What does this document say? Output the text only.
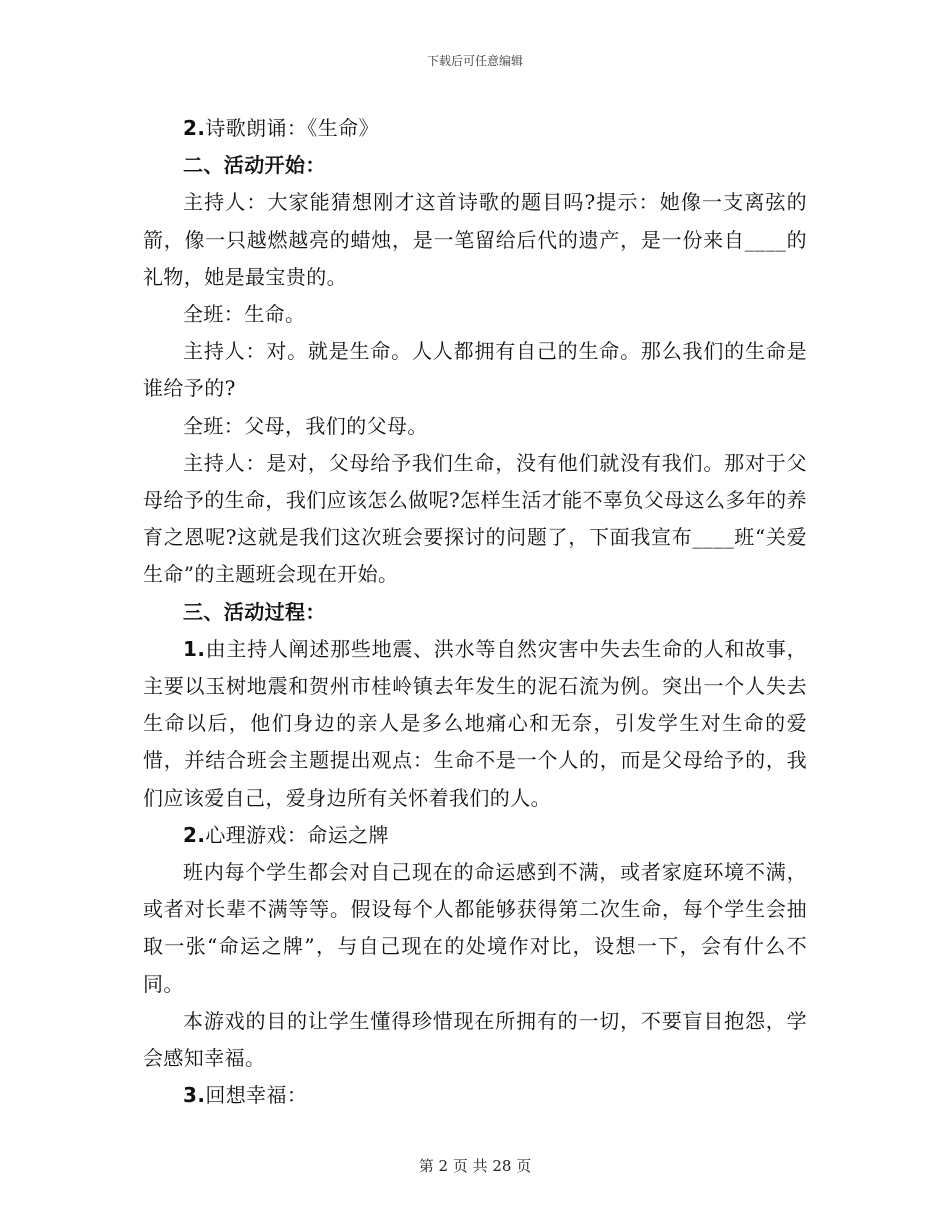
下载后可任意编辑

2.诗歌朗诵：《生命》

二、活动开始：

主持人：大家能猜想刚才这首诗歌的题目吗?提示：她像一支离弦的箭，像一只越燃越亮的蜡烛，是一笔留给后代的遗产，是一份来自____的礼物，她是最宝贵的。

全班：生命。

主持人：对。就是生命。人人都拥有自己的生命。那么我们的生命是谁给予的?

全班：父母，我们的父母。

主持人：是对，父母给予我们生命，没有他们就没有我们。那对于父母给予的生命，我们应该怎么做呢?怎样生活才能不辜负父母这么多年的养育之恩呢?这就是我们这次班会要探讨的问题了，下面我宣布____班“关爱生命”的主题班会现在开始。

三、活动过程：

1.由主持人阐述那些地震、洪水等自然灾害中失去生命的人和故事，主要以玉树地震和贺州市桂岭镇去年发生的泥石流为例。突出一个人失去生命以后，他们身边的亲人是多么地痛心和无奈，引发学生对生命的爱惜，并结合班会主题提出观点：生命不是一个人的，而是父母给予的，我们应该爱自己，爱身边所有关怀着我们的人。

2.心理游戏：命运之牌

班内每个学生都会对自己现在的命运感到不满，或者家庭环境不满，或者对长辈不满等等。假设每个人都能够获得第二次生命，每个学生会抽取一张“命运之牌”，与自己现在的处境作对比，设想一下，会有什么不同。

本游戏的目的让学生懂得珍惜现在所拥有的一切，不要盲目抱怨，学会感知幸福。

3.回想幸福：

第 2 页 共 28 页
